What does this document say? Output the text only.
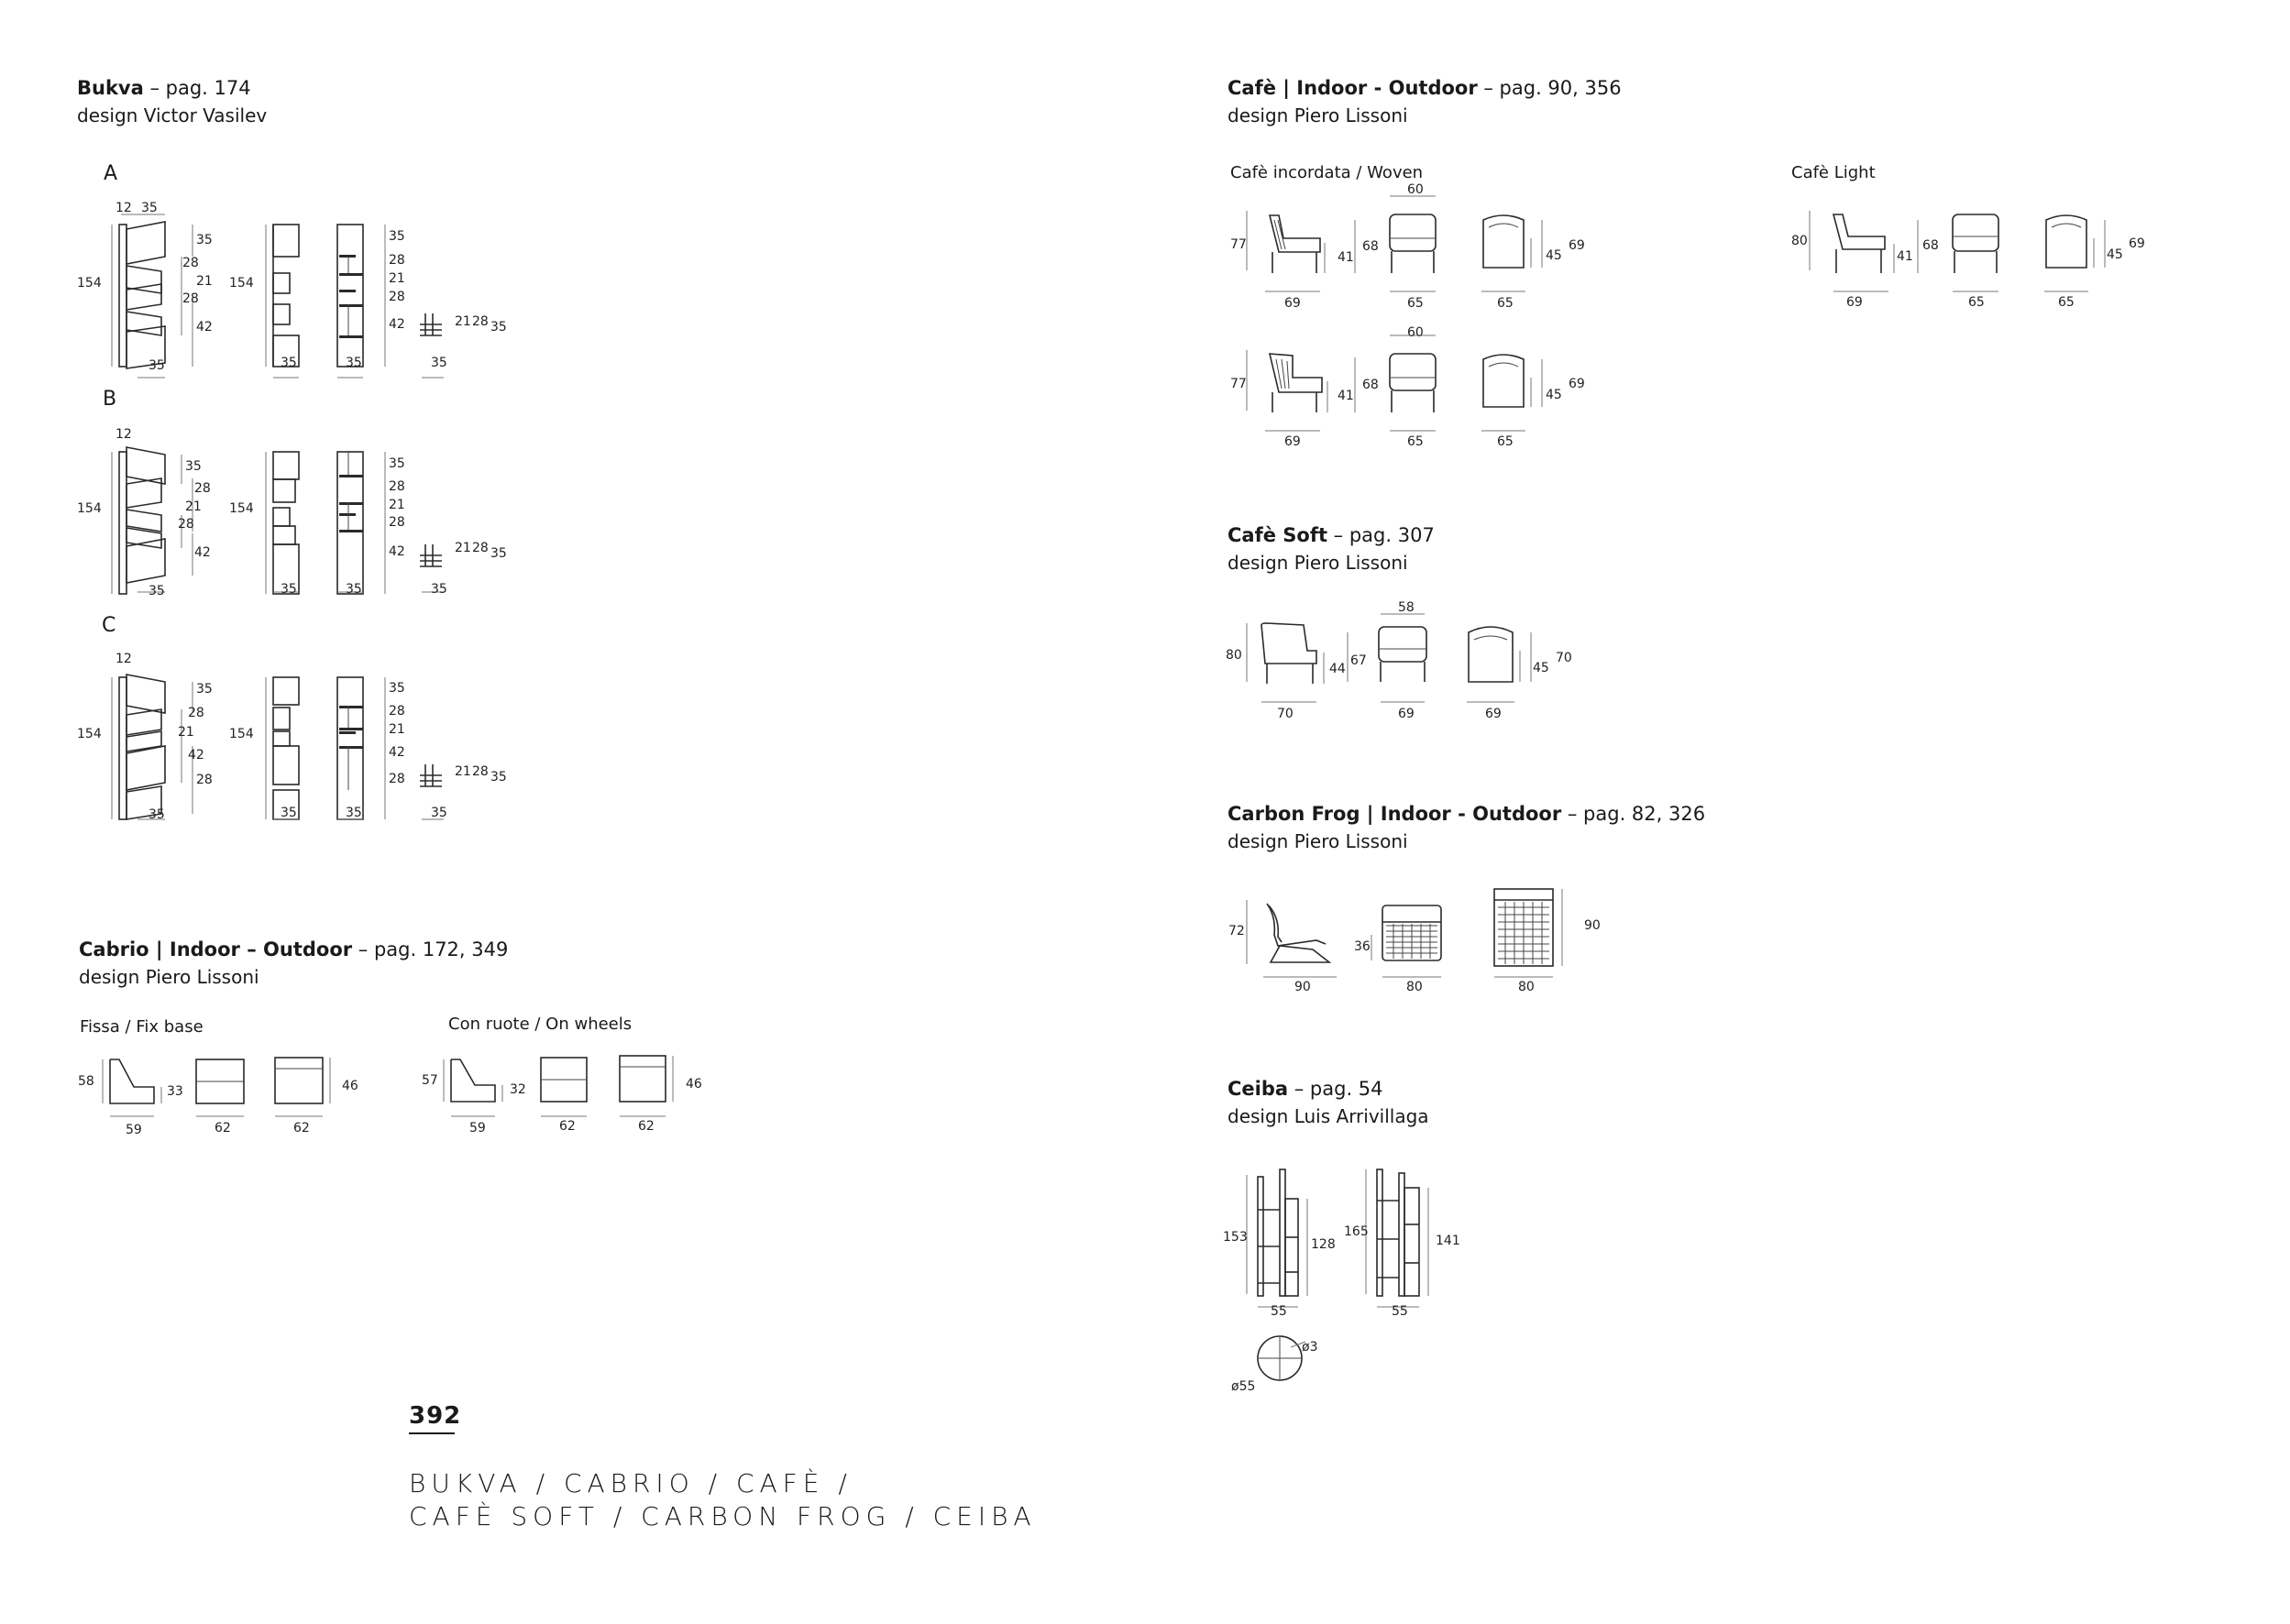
Bukva – pag. 174
design Victor Vasilev
A
12 35
35
28
21
28
42
154
35
154
35
28
21
28
42
35	35
21 28 35
35
B
12
35
28
21
28
42
154
35
154
35
28
21
28
42
35	35
21 28 35
35
C
12
35
28
21
42
28
154
35
154
35
28
21
42
28
35	35
21 28 35
35
Cabrio | Indoor – Outdoor – pag. 172, 349
design Piero Lissoni
Fissa / Fix base	Con ruote / On wheels
58
33	46
59	62	62
57
32	46
59	62	62
392
BUKVA / CABRIO / CAFÈ /
CAFÈ SOFT / CARBON FROG / CEIBA
Cafè | Indoor - Outdoor – pag. 90, 356
design Piero Lissoni
Cafè incordata / Woven	Cafè Light
60
77
41
68
45
69
69	65	65
60
77
41
68
45
69
69	65	65
80
41
68
45
69
69	65	65
Cafè Soft – pag. 307
design Piero Lissoni
58
80
44
67	45
70
70	69	69
Carbon Frog | Indoor - Outdoor – pag. 82, 326
design Piero Lissoni
72
36
90
90	80	80
Ceiba – pag. 54
design Luis Arrivillaga
153	128
165
141
55	55
ø3
ø55
